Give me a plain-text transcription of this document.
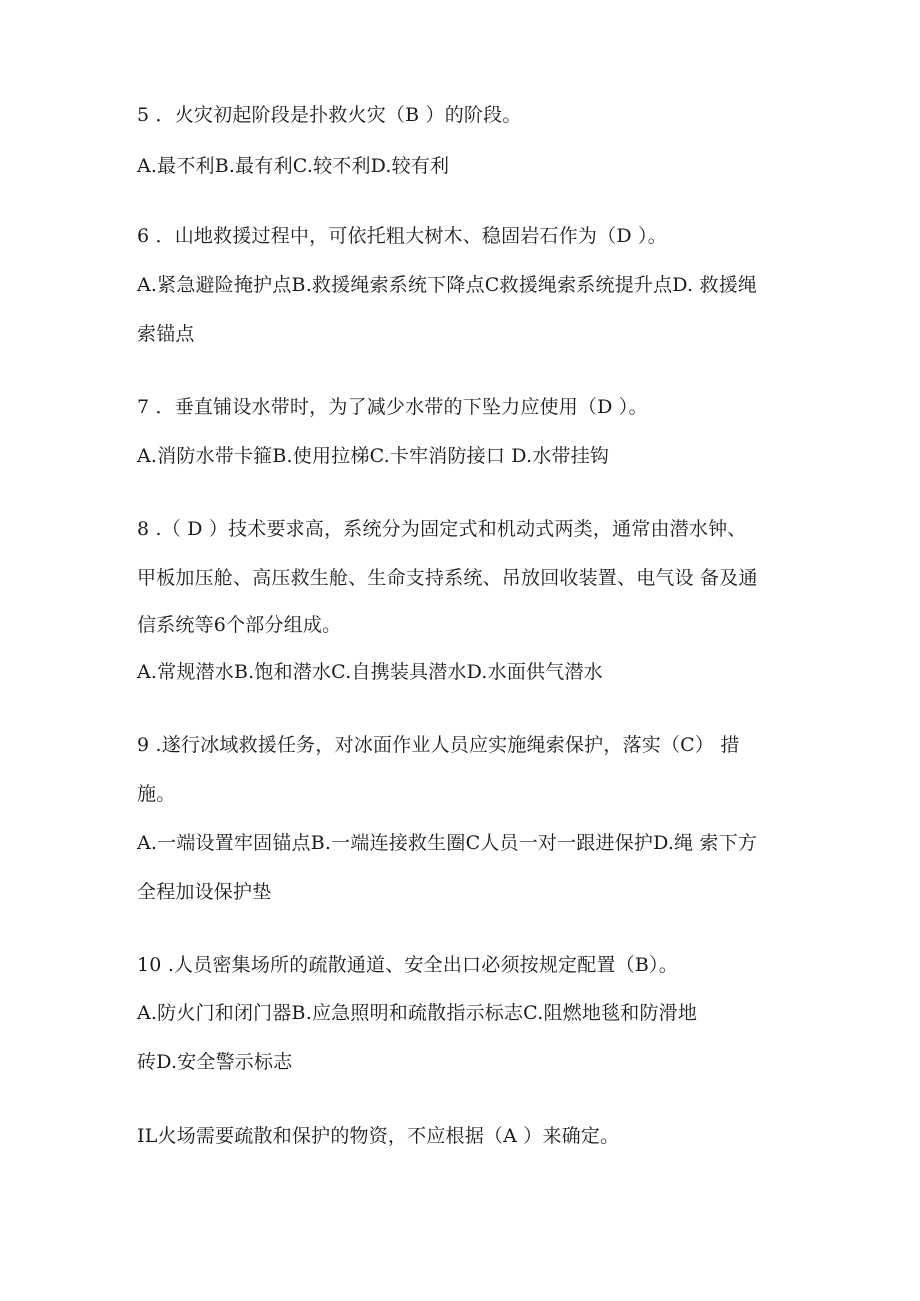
5 ．火灾初起阶段是扑救火灾（B ）的阶段。
A.最不利B.最有利C.较不利D.较有利
6 ．山地救援过程中，可依托粗大树木、稳固岩石作为（D ）。
A.紧急避险掩护点B.救援绳索系统下降点C救援绳索系统提升点D. 救援绳
索锚点
7 ．垂直铺设水带时，为了减少水带的下坠力应使用（D ）。
A.消防水带卡箍B.使用拉梯C.卡牢消防接口 D.水带挂钩
8 .（ D ）技术要求高，系统分为固定式和机动式两类，通常由潜水钟、
甲板加压舱、高压救生舱、生命支持系统、吊放回收装置、电气设 备及通
信系统等6个部分组成。
A.常规潜水B.饱和潜水C.自携装具潜水D.水面供气潜水
9 .遂行冰域救援任务，对冰面作业人员应实施绳索保护，落实（C） 措
施。
A.一端设置牢固锚点B.一端连接救生圈C人员一对一跟进保护D.绳 索下方
全程加设保护垫
10 .人员密集场所的疏散通道、安全出口必须按规定配置（B）。
A.防火门和闭门器B.应急照明和疏散指示标志C.阻燃地毯和防滑地
砖D.安全警示标志
IL火场需要疏散和保护的物资，不应根据（A ）来确定。
